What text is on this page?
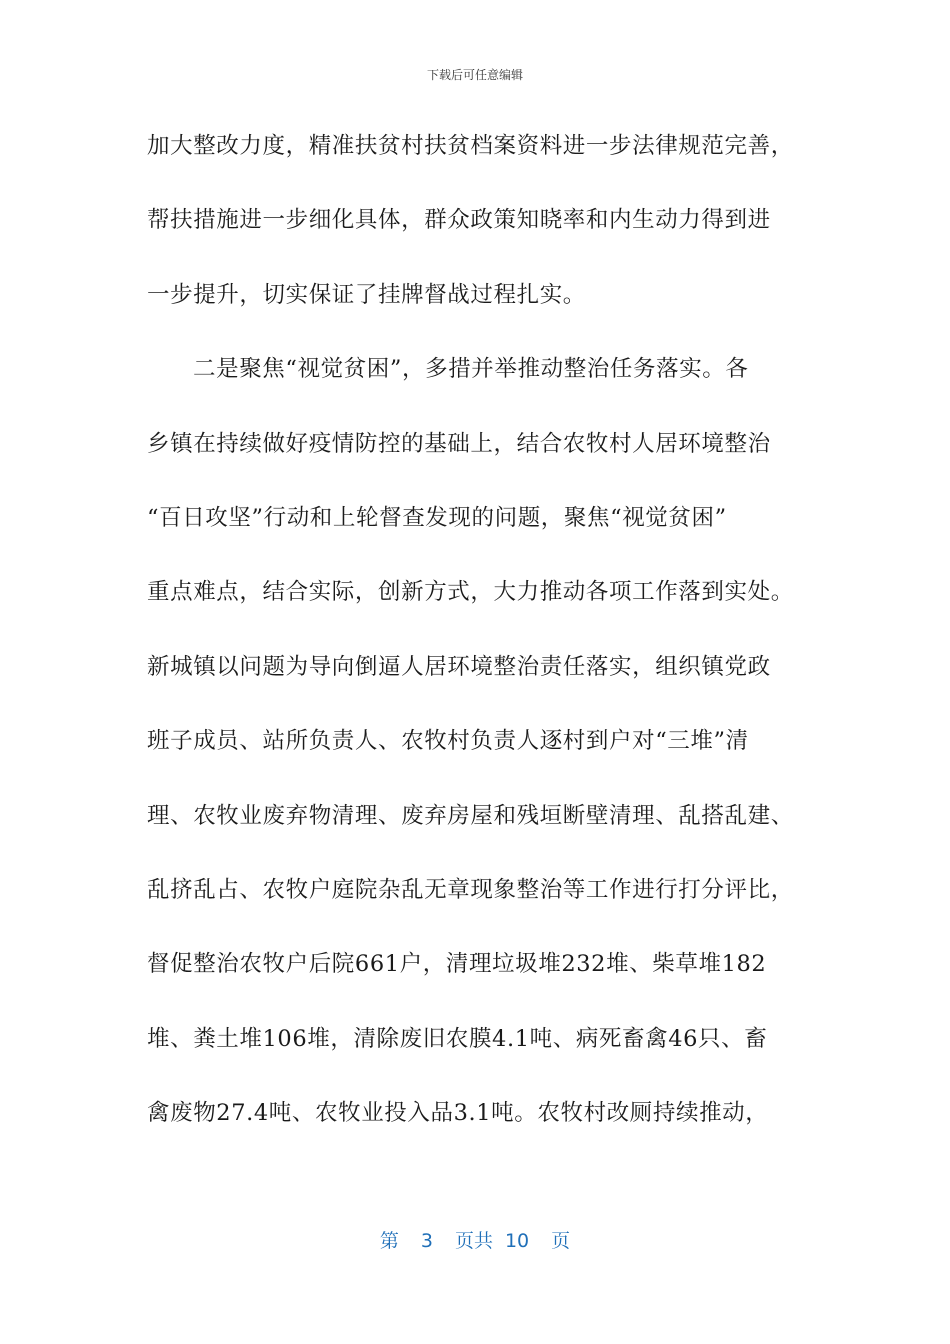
下载后可任意编辑
加大整改力度，精准扶贫村扶贫档案资料进一步法律规范完善，
帮扶措施进一步细化具体，群众政策知晓率和内生动力得到进
一步提升，切实保证了挂牌督战过程扎实。
二是聚焦“视觉贫困”，多措并举推动整治任务落实。各
乡镇在持续做好疫情防控的基础上，结合农牧村人居环境整治
“百日攻坚”行动和上轮督查发现的问题，聚焦“视觉贫困”
重点难点，结合实际，创新方式，大力推动各项工作落到实处。
新城镇以问题为导向倒逼人居环境整治责任落实，组织镇党政
班子成员、站所负责人、农牧村负责人逐村到户对“三堆”清
理、农牧业废弃物清理、废弃房屋和残垣断壁清理、乱搭乱建、
乱挤乱占、农牧户庭院杂乱无章现象整治等工作进行打分评比，
督促整治农牧户后院661户，清理垃圾堆232堆、柴草堆182
堆、粪土堆106堆，清除废旧农膜4.1吨、病死畜禽46只、畜
禽废物27.4吨、农牧业投入品3.1吨。农牧村改厕持续推动，
第 3 页共 10 页
